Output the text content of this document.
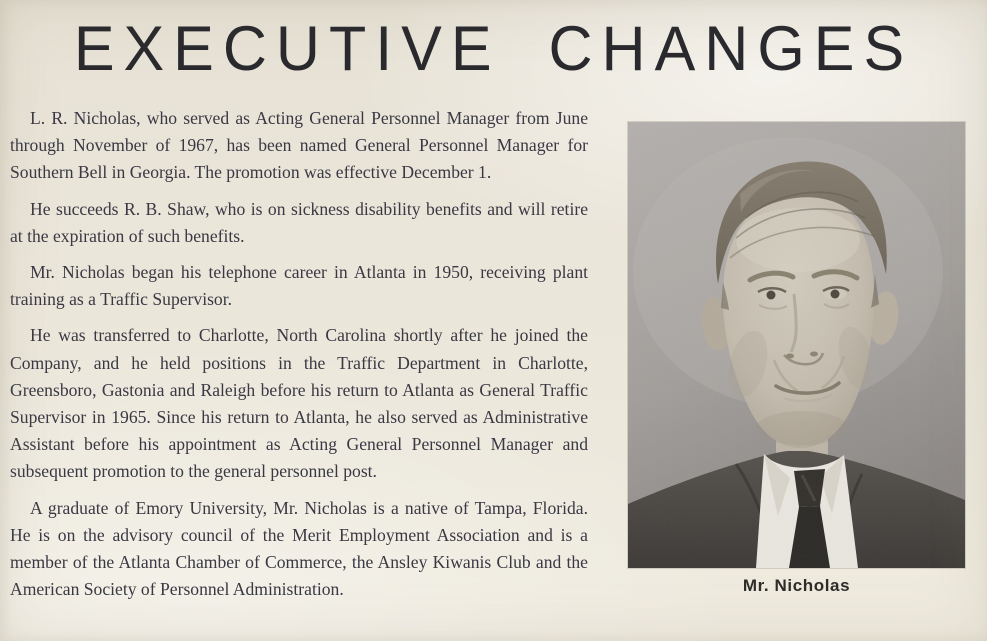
EXECUTIVE CHANGES

L. R. Nicholas, who served as Acting General Personnel Manager from June through November of 1967, has been named General Personnel Manager for Southern Bell in Georgia. The promotion was effective December 1.

He succeeds R. B. Shaw, who is on sickness disability benefits and will retire at the expiration of such benefits.

Mr. Nicholas began his telephone career in Atlanta in 1950, receiving plant training as a Traffic Supervisor.

He was transferred to Charlotte, North Carolina shortly after he joined the Company, and he held positions in the Traffic Department in Charlotte, Greensboro, Gastonia and Raleigh before his return to Atlanta as General Traffic Supervisor in 1965. Since his return to Atlanta, he also served as Administrative Assistant before his appointment as Acting General Personnel Manager and subsequent promotion to the general personnel post.

A graduate of Emory University, Mr. Nicholas is a native of Tampa, Florida. He is on the advisory council of the Merit Employment Association and is a member of the Atlanta Chamber of Commerce, the Ansley Kiwanis Club and the American Society of Personnel Administration.	Mr. Nicholas
